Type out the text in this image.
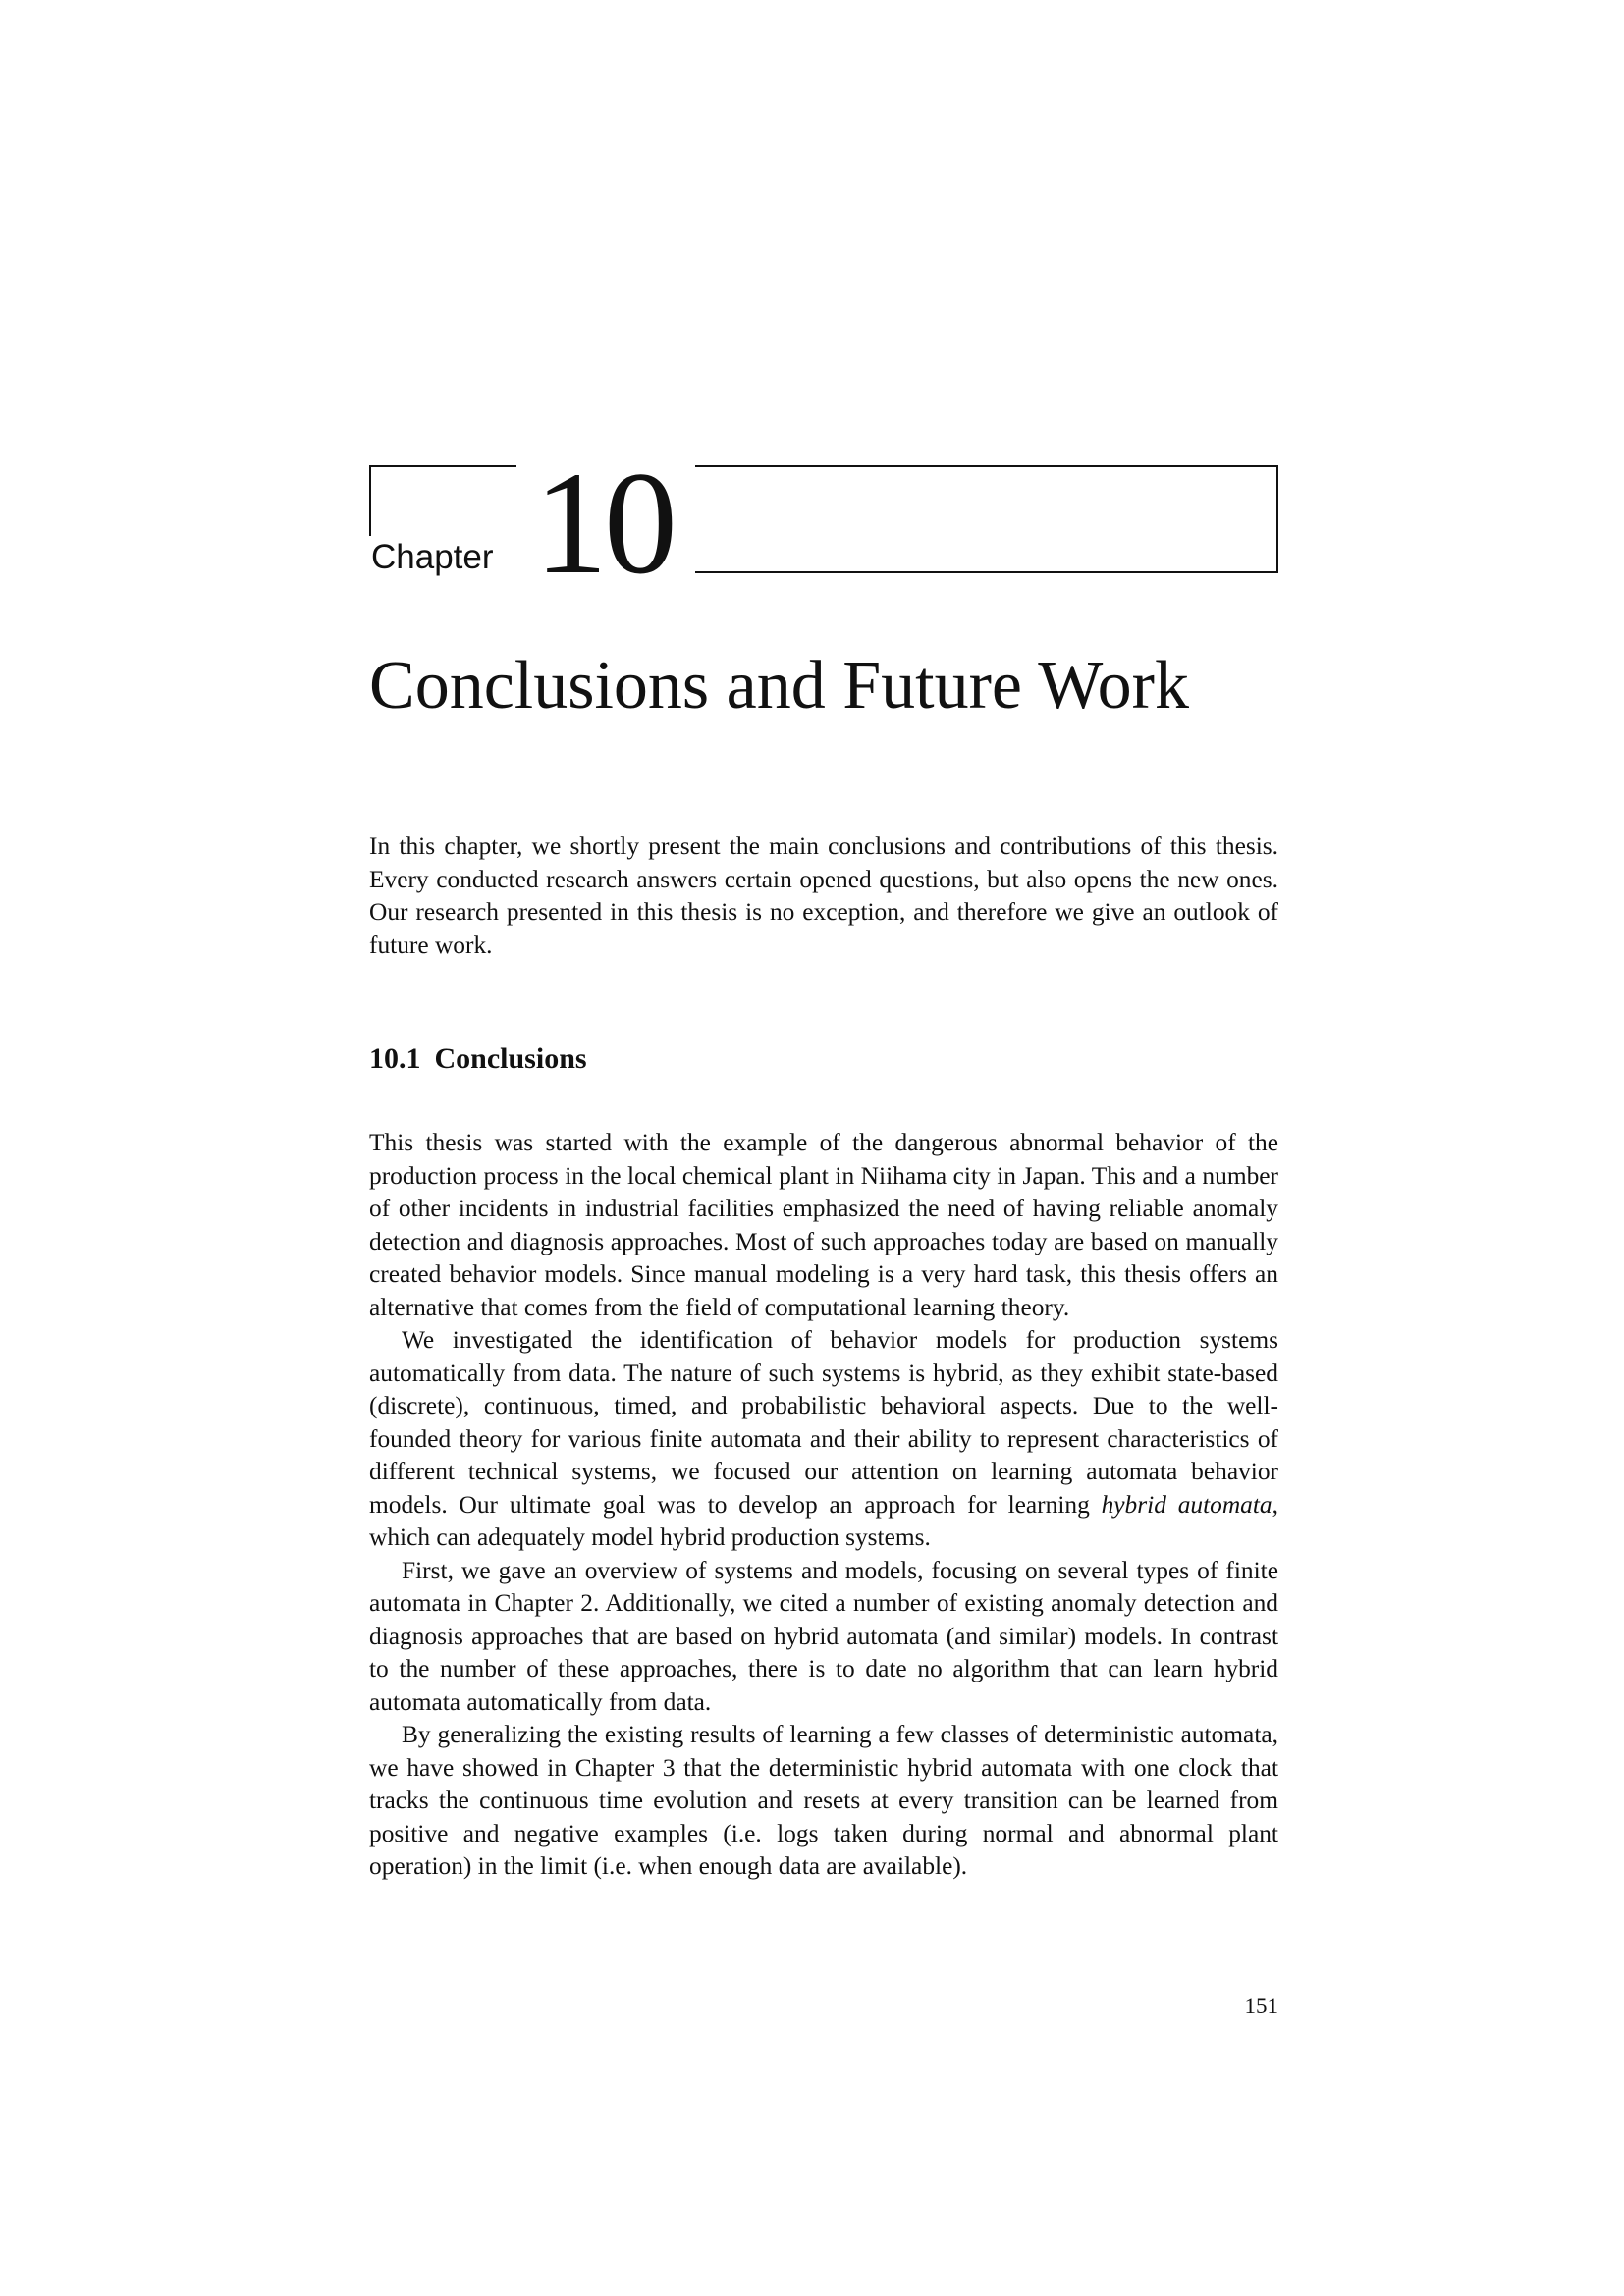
Chapter 10
Conclusions and Future Work

In this chapter, we shortly present the main conclusions and contributions of this thesis. Every conducted research answers certain opened questions, but also opens the new ones. Our research presented in this thesis is no exception, and therefore we give an outlook of future work.

10.1 Conclusions

This thesis was started with the example of the dangerous abnormal behavior of the production process in the local chemical plant in Niihama city in Japan. This and a number of other incidents in industrial facilities emphasized the need of having reliable anomaly detection and diagnosis approaches. Most of such approaches today are based on manually created behavior models. Since manual modeling is a very hard task, this thesis offers an alternative that comes from the field of computational learning theory.

We investigated the identification of behavior models for production systems automatically from data. The nature of such systems is hybrid, as they exhibit state-based (discrete), continuous, timed, and probabilistic behavioral aspects. Due to the well-founded theory for various finite automata and their ability to represent characteristics of different technical systems, we focused our attention on learning automata behavior models. Our ultimate goal was to develop an approach for learning hybrid automata, which can adequately model hybrid production systems.

First, we gave an overview of systems and models, focusing on several types of finite automata in Chapter 2. Additionally, we cited a number of existing anomaly detection and diagnosis approaches that are based on hybrid automata (and similar) models. In contrast to the number of these approaches, there is to date no algorithm that can learn hybrid automata automatically from data.

By generalizing the existing results of learning a few classes of deterministic automata, we have showed in Chapter 3 that the deterministic hybrid automata with one clock that tracks the continuous time evolution and resets at every transition can be learned from positive and negative examples (i.e. logs taken during normal and abnormal plant operation) in the limit (i.e. when enough data are available).

151
